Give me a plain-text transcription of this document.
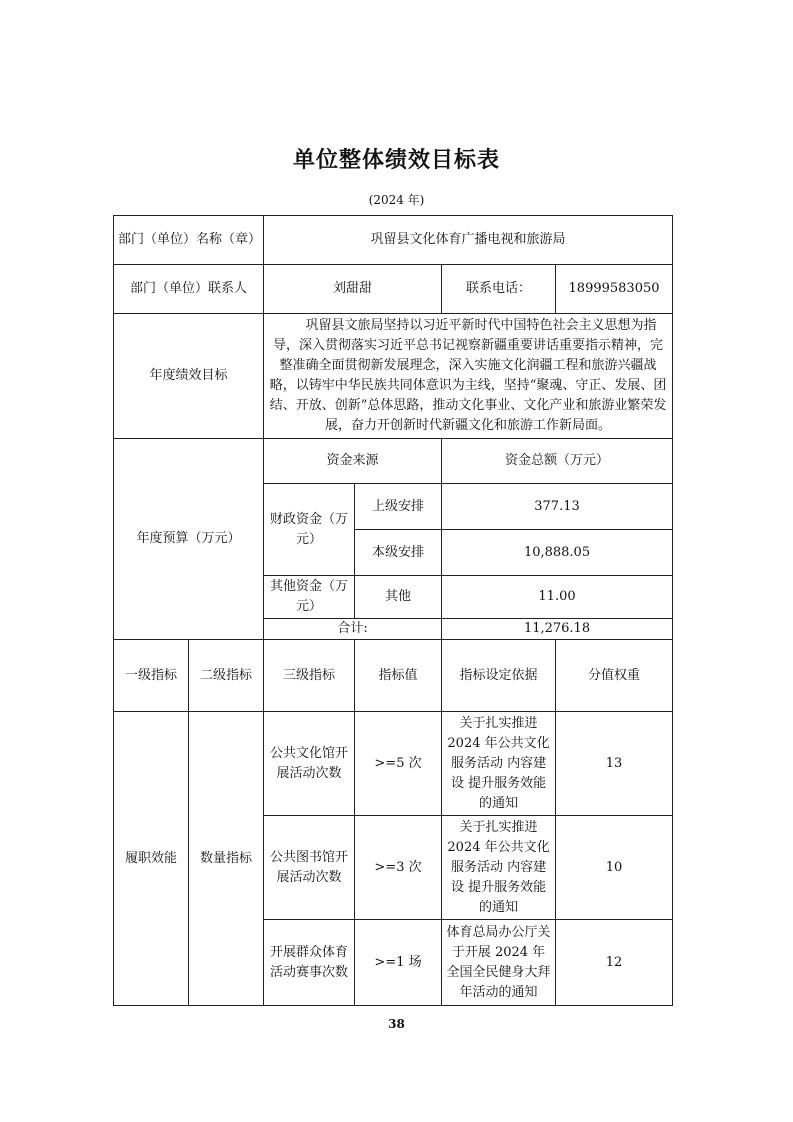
单位整体绩效目标表
(2024 年)
部门（单位）名称（章）		巩留县文化体育广播电视和旅游局			
部门（单位）联系人		刘甜甜		联系电话：	18999583050
年度绩效目标		巩留县文旅局坚持以习近平新时代中国特色社会主义思想为指导，深入贯彻落实习近平总书记视察新疆重要讲话重要指示精神，完整准确全面贯彻新发展理念，深入实施文化润疆工程和旅游兴疆战略，以铸牢中华民族共同体意识为主线，坚持“聚魂、守正、发展、团结、开放、创新”总体思路，推动文化事业、文化产业和旅游业繁荣发展，奋力开创新时代新疆文化和旅游工作新局面。			
年度预算（万元）		资金来源		资金总额（万元）	
		财政资金（万元）	上级安排	377.13	
			本级安排	10,888.05	
		其他资金（万元）	其他	11.00	
		合计:		11,276.18	
一级指标	二级指标	三级指标	指标值	指标设定依据	分值权重
履职效能	数量指标	公共文化馆开展活动次数	>=5 次	关于扎实推进2024 年公共文化服务活动 内容建设 提升服务效能的通知	13
		公共图书馆开展活动次数	>=3 次	关于扎实推进2024 年公共文化服务活动 内容建设 提升服务效能的通知	10
		开展群众体育活动赛事次数	>=1 场	体育总局办公厅关于开展 2024 年全国全民健身大拜年活动的通知	12
38
